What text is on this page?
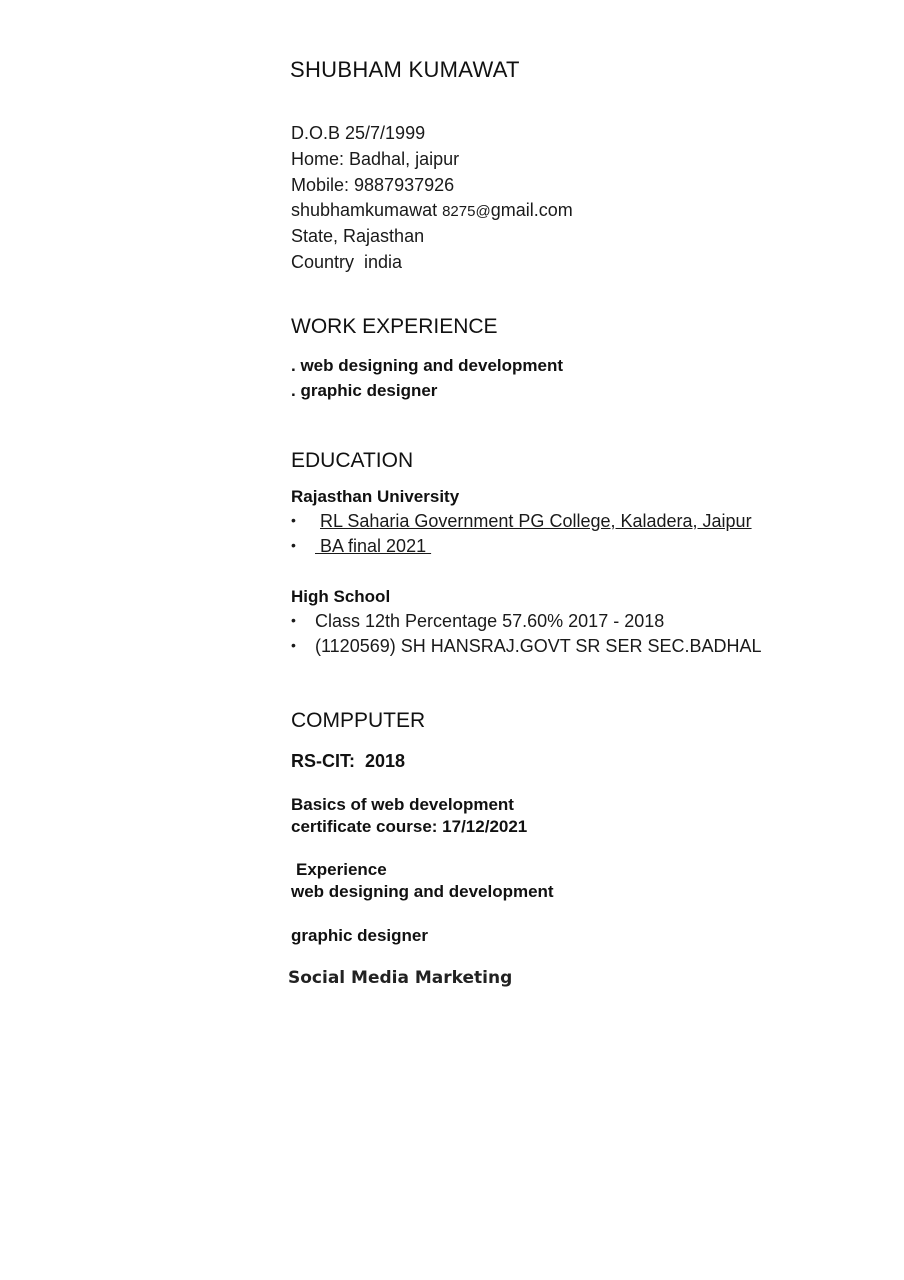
SHUBHAM KUMAWAT
D.O.B 25/7/1999
Home: Badhal, jaipur
Mobile: 9887937926
shubhamkumawat 8275@gmail.com
State, Rajasthan
Country  india
WORK EXPERIENCE
. web designing and development
. graphic designer
EDUCATION
Rajasthan University
• RL Saharia Government PG College, Kaladera, Jaipur
• BA final 2021
High School
• Class 12th Percentage 57.60% 2017 - 2018
• (1120569) SH HANSRAJ.GOVT SR SER SEC.BADHAL
COMPPUTER
RS-CIT:  2018
Basics of web development
certificate course: 17/12/2021
Experience
web designing and development
graphic designer
Social Media Marketing
